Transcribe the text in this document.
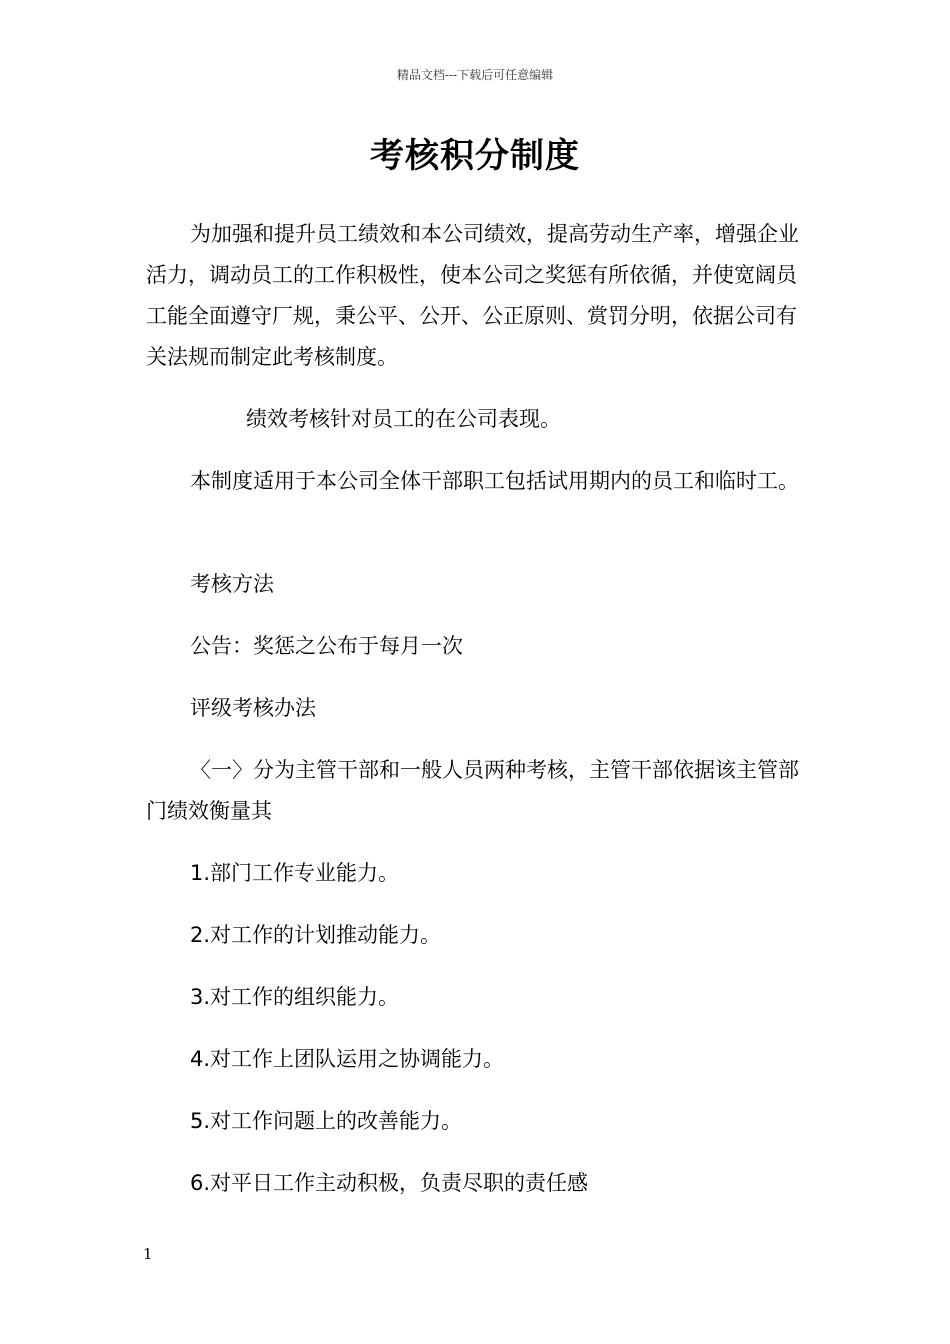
精品文档---下载后可任意编辑
考核积分制度

为加强和提升员工绩效和本公司绩效，提高劳动生产率，增强企业活力，调动员工的工作积极性，使本公司之奖惩有所依循，并使宽阔员工能全面遵守厂规，秉公平、公开、公正原则、赏罚分明，依据公司有关法规而制定此考核制度。

绩效考核针对员工的在公司表现。

本制度适用于本公司全体干部职工包括试用期内的员工和临时工。

考核方法

公告：奖惩之公布于每月一次

评级考核办法

〈一〉分为主管干部和一般人员两种考核，主管干部依据该主管部门绩效衡量其

1.部门工作专业能力。

2.对工作的计划推动能力。

3.对工作的组织能力。

4.对工作上团队运用之协调能力。

5.对工作问题上的改善能力。

6.对平日工作主动积极，负责尽职的责任感

1
